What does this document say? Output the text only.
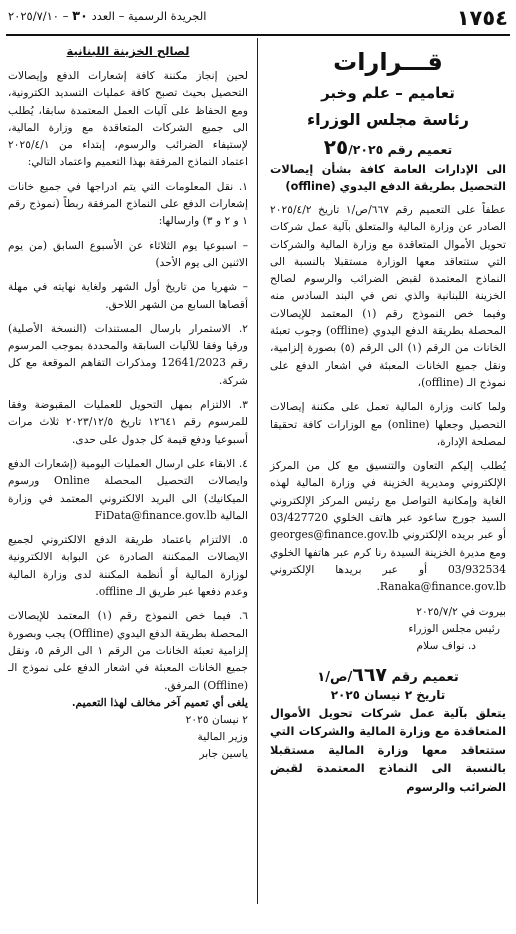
١٧٥٤
الجريدة الرسمية – العدد ٣٠ – ٢٠٢٥/٧/١٠
قـــرارات
تعاميم – علم وخبر
رئاسة مجلس الوزراء
تعميم رقم ٢٥/٢٠٢٥
الى الإدارات العامة كافة بشأن إيصالات التحصيل بطريقة الدفع اليدوي (offline)

عطفاً على التعميم رقم ٦٦٧/ص/١ تاريخ ٢٠٢٥/٤/٢ الصادر عن وزارة المالية والمتعلق بآلية عمل شركات تحويل الأموال المتعاقدة مع وزارة المالية والشركات التي ستتعاقد معها الوزارة مستقبلا بالنسبة الى النماذج المعتمدة لقبض الضرائب والرسوم لصالح الخزينة اللبنانية والذي نص في البند السادس منه وفيما خص النموذج رقم (١) المعتمد للإيصالات المحصلة بطريقة الدفع اليدوي (offline) وجوب تعبئة الخانات من الرقم (١) الى الرقم (٥) بصورة إلزامية، ونقل جميع الخانات المعبئة في اشعار الدفع على نموذج الـ (offline)،

ولما كانت وزارة المالية تعمل على مكننة إيصالات التحصيل وجعلها (online) مع الوزارات كافة تحقيقا لمصلحة الإدارة،

يُطلب إليكم التعاون والتنسيق مع كل من المركز الإلكتروني ومديرية الخزينة في وزارة المالية لهذه الغاية وإمكانية التواصل مع رئيس المركز الإلكتروني السيد جورج ساعود عبر هاتف الخلوي 03/427720 أو عبر بريده الإلكتروني georges@finance.gov.lb ومع مديرة الخزينة السيدة رنا كرم عبر هاتفها الخلوي 03/932534 أو عبر بريدها الإلكتروني Ranaka@finance.gov.lb.

بيروت في ٢٠٢٥/٧/٢
رئيس مجلس الوزراء
د. نواف سلام
تعميم رقم ٦٦٧/ص/١
تاريخ ٢ نيسان ٢٠٢٥
يتعلق بآلية عمل شركات تحويل الأموال المتعاقدة مع وزارة المالية والشركات التي ستتعاقد معها وزارة المالية مستقبلا بالنسبة الى النماذج المعتمدة لقبض الضرائب والرسوم
لصالح الخزينة اللبنانية

لحين إنجاز مكننة كافة إشعارات الدفع وإيصالات التحصيل بحيث تصبح كافة عمليات التسديد الكترونية، ومع الحفاظ على آليات العمل المعتمدة سابقا، يُطلب الى جميع الشركات المتعاقدة مع وزارة المالية، لإستيفاء الضرائب والرسوم، إبتداء من ٢٠٢٥/٤/١ اعتماد النماذج المرفقة بهذا التعميم واعتماد التالي:

١. نقل المعلومات التي يتم ادراجها في جميع خانات إشعارات الدفع على النماذج المرفقة ربطاً (نموذج رقم ١ و ٢ و ٣) وارسالها:

– اسبوعيا يوم الثلاثاء عن الأسبوع السابق (من يوم الاثنين الى يوم الأحد)

– شهريا من تاريخ أول الشهر ولغاية نهايته في مهلة أقصاها السابع من الشهر اللاحق.

٢. الاستمرار بارسال المستندات (النسخة الأصلية) ورقيا وفقا للآليات السابقة والمحددة بموجب المرسوم رقم 12641/2023 ومذكرات التفاهم الموقعة مع كل شركة.

٣. الالتزام بمهل التحويل للعمليات المقبوضة وفقا للمرسوم رقم ١٢٦٤١ تاريخ ٢٠٢٣/١٢/٥ ثلاث مرات أسبوعيا ودفع قيمة كل جدول على حدى.

٤. الابقاء على ارسال العمليات اليومية (إشعارات الدفع وايصالات التحصيل المحصلة Online ورسوم الميكانيك) الى البريد الالكتروني المعتمد في وزارة المالية FiData@finance.gov.lb

٥. الالتزام باعتماد طريقة الدفع الالكتروني لجميع الايصالات الممكننة الصادرة عن البوابة الالكترونية لوزارة المالية أو أنظمة المكننة لدى وزارة المالية وعدم دفعها عبر طريق الـ offline.

٦. فيما خص النموذج رقم (١) المعتمد للإيصالات المحصلة بطريقة الدفع اليدوي (Offline) يجب وبصورة إلزامية تعبئة الخانات من الرقم ١ الى الرقم ٥، ونقل جميع الخانات المعبئة في اشعار الدفع على نموذج الـ (Offline) المرفق.

يلغى أي تعميم آخر مخالف لهذا التعميم.

٢ نيسان ٢٠٢٥
وزير المالية
ياسين جابر
